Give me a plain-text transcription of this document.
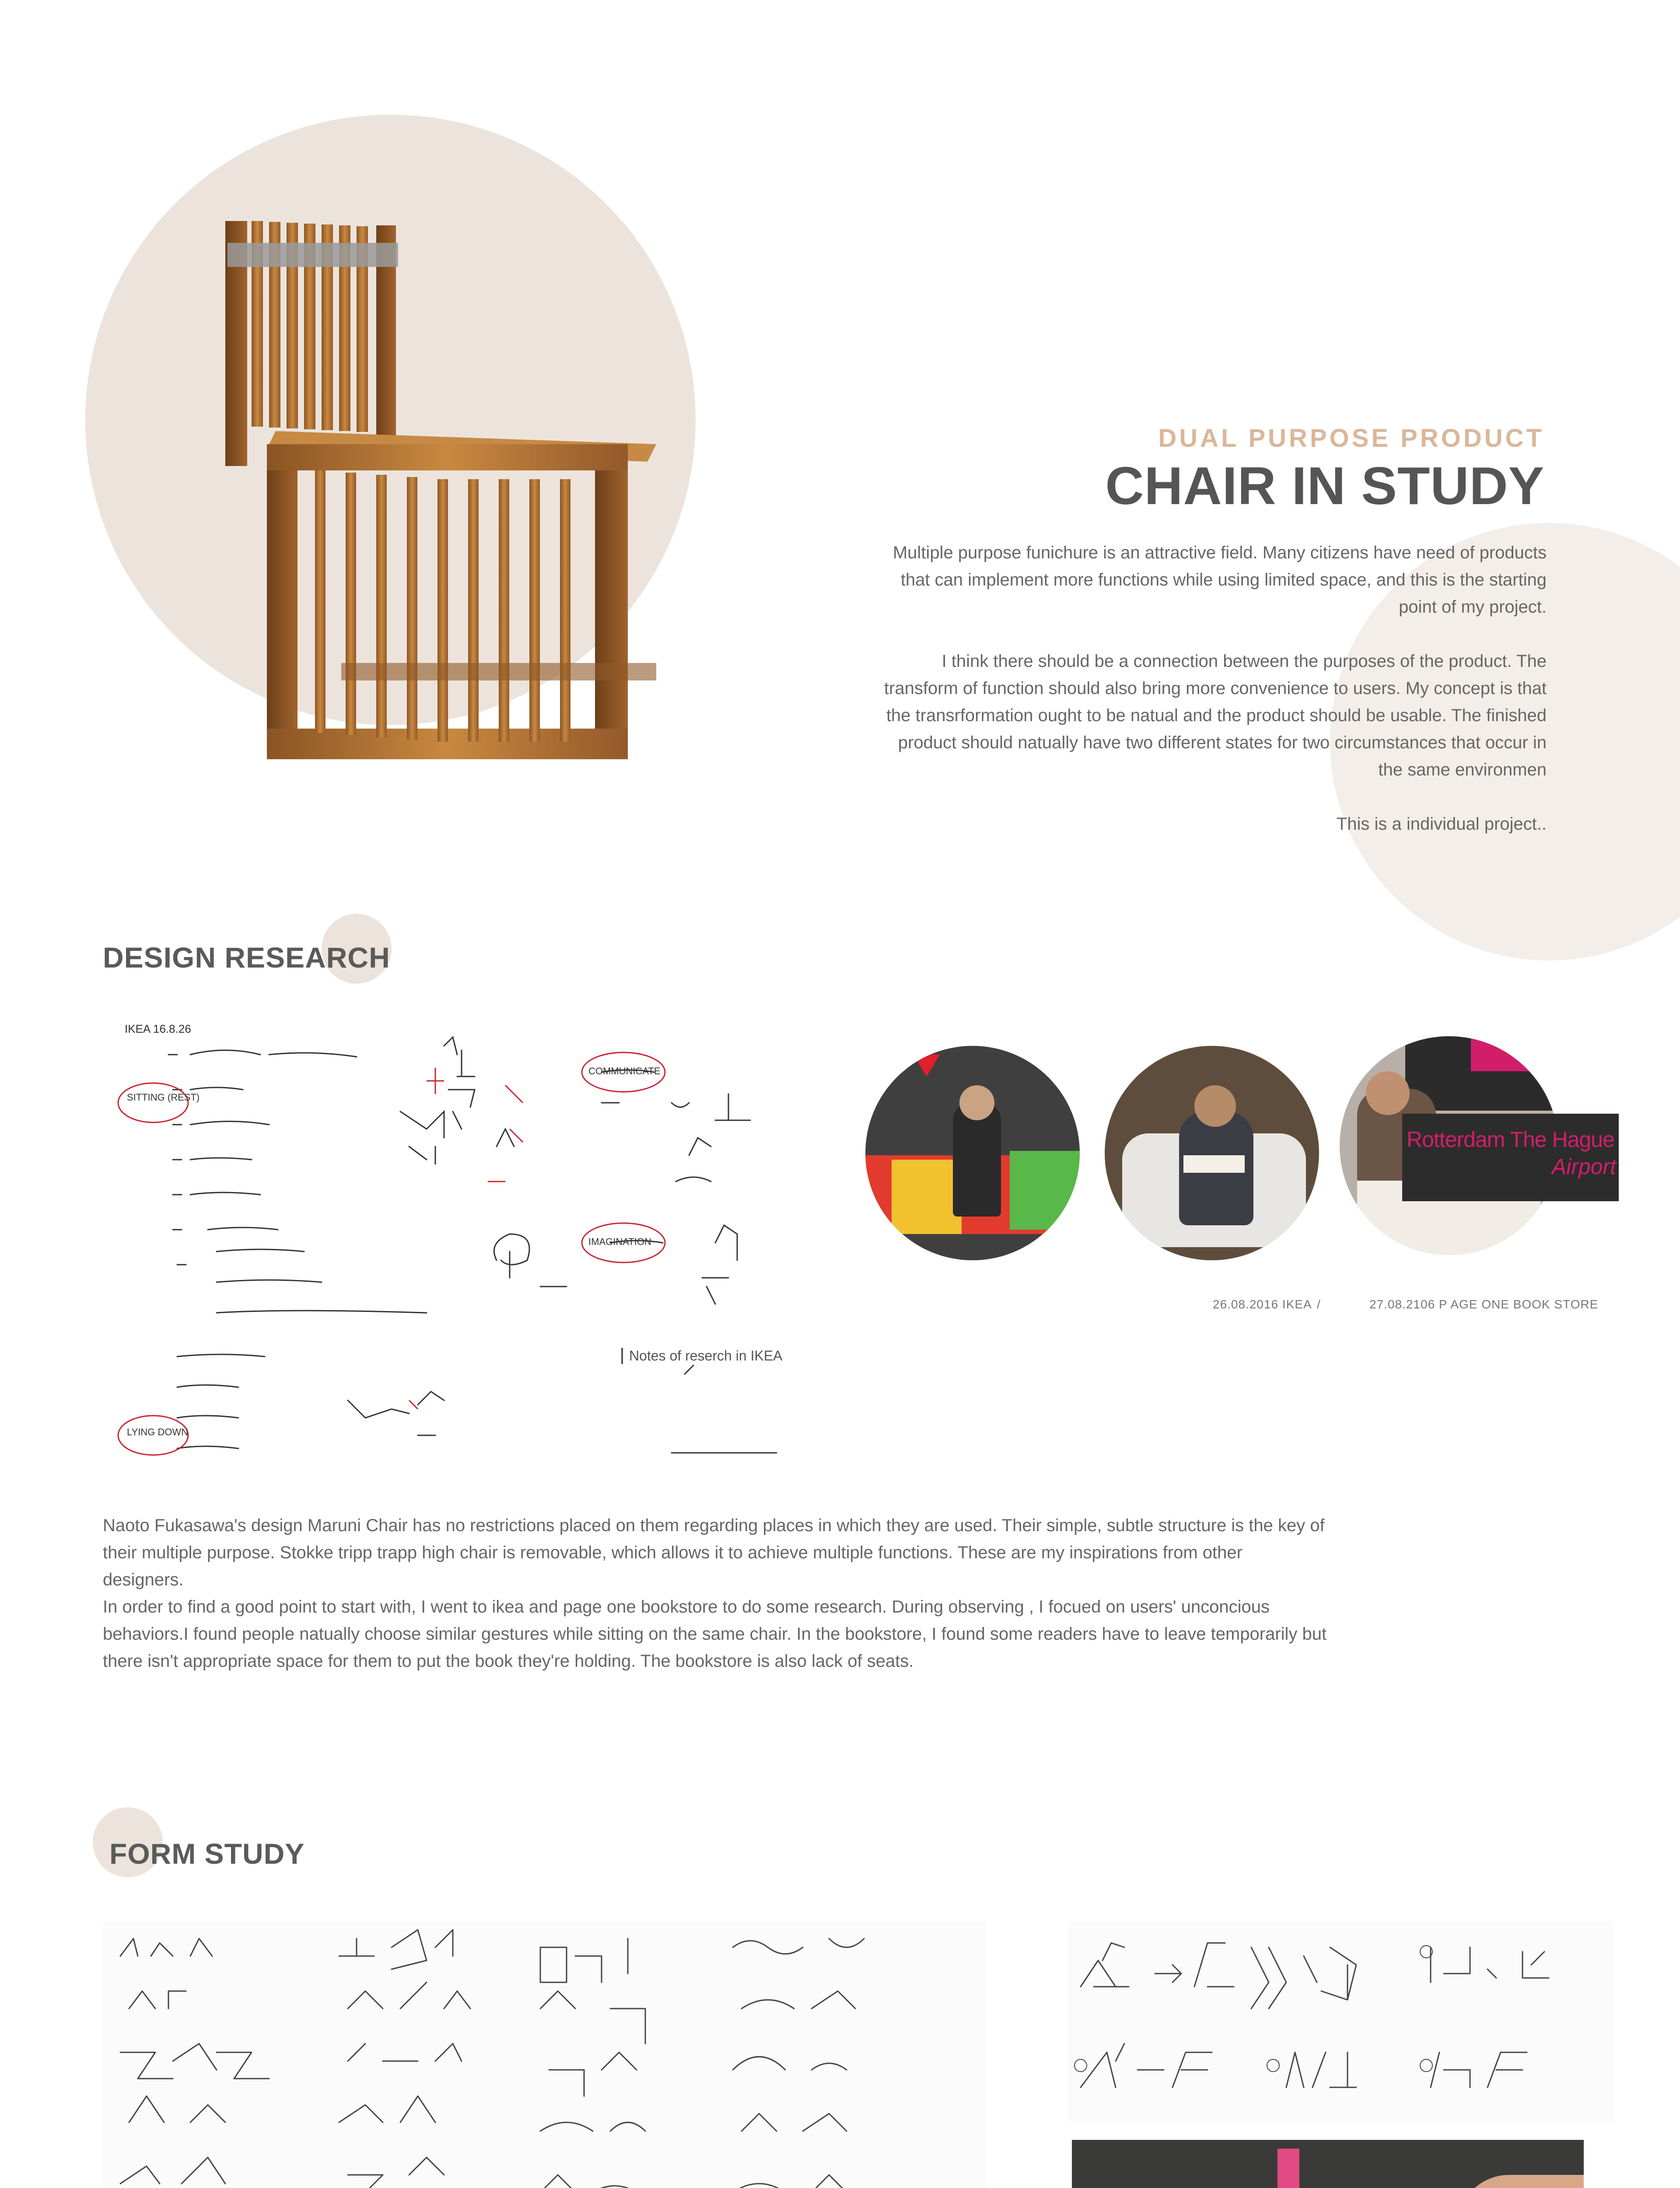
DUAL PURPOSE PRODUCT
CHAIR IN STUDY

Multiple purpose funichure is an attractive field. Many citizens have need of products that can implement more functions while using limited space, and this is the starting point of my project.

I think there should be a connection between the purposes of the product. The transform of function should also bring more convenience to users. My concept is that the transrformation ought to be natual and the product should be usable. The finished product should natually have two different states for two circumstances that occur in the same environmen

This is a individual project..

DESIGN RESEARCH
IKEA 16.8.26
SITTING (REST)
LYING DOWN
COMMUNICATE
IMAGINATION
Notes of reserch in IKEA
Rotterdam The Hague
Airport
26.08.2016 IKEA /	27.08.2106 P AGE ONE BOOK STORE

Naoto Fukasawa's design Maruni Chair has no restrictions placed on them regarding places in which they are used. Their simple, subtle structure is the key of their multiple purpose. Stokke tripp trapp high chair is removable, which allows it to achieve multiple functions. These are my inspirations from other designers.

In order to find a good point to start with, I went to ikea and page one bookstore to do some research. During observing , I focued on users' unconcious behaviors.I found people natually choose similar gestures while sitting on the same chair. In the bookstore, I found some readers have to leave temporarily but there isn't appropriate space for them to put the book they're holding. The bookstore is also lack of seats.

FORM STUDY
